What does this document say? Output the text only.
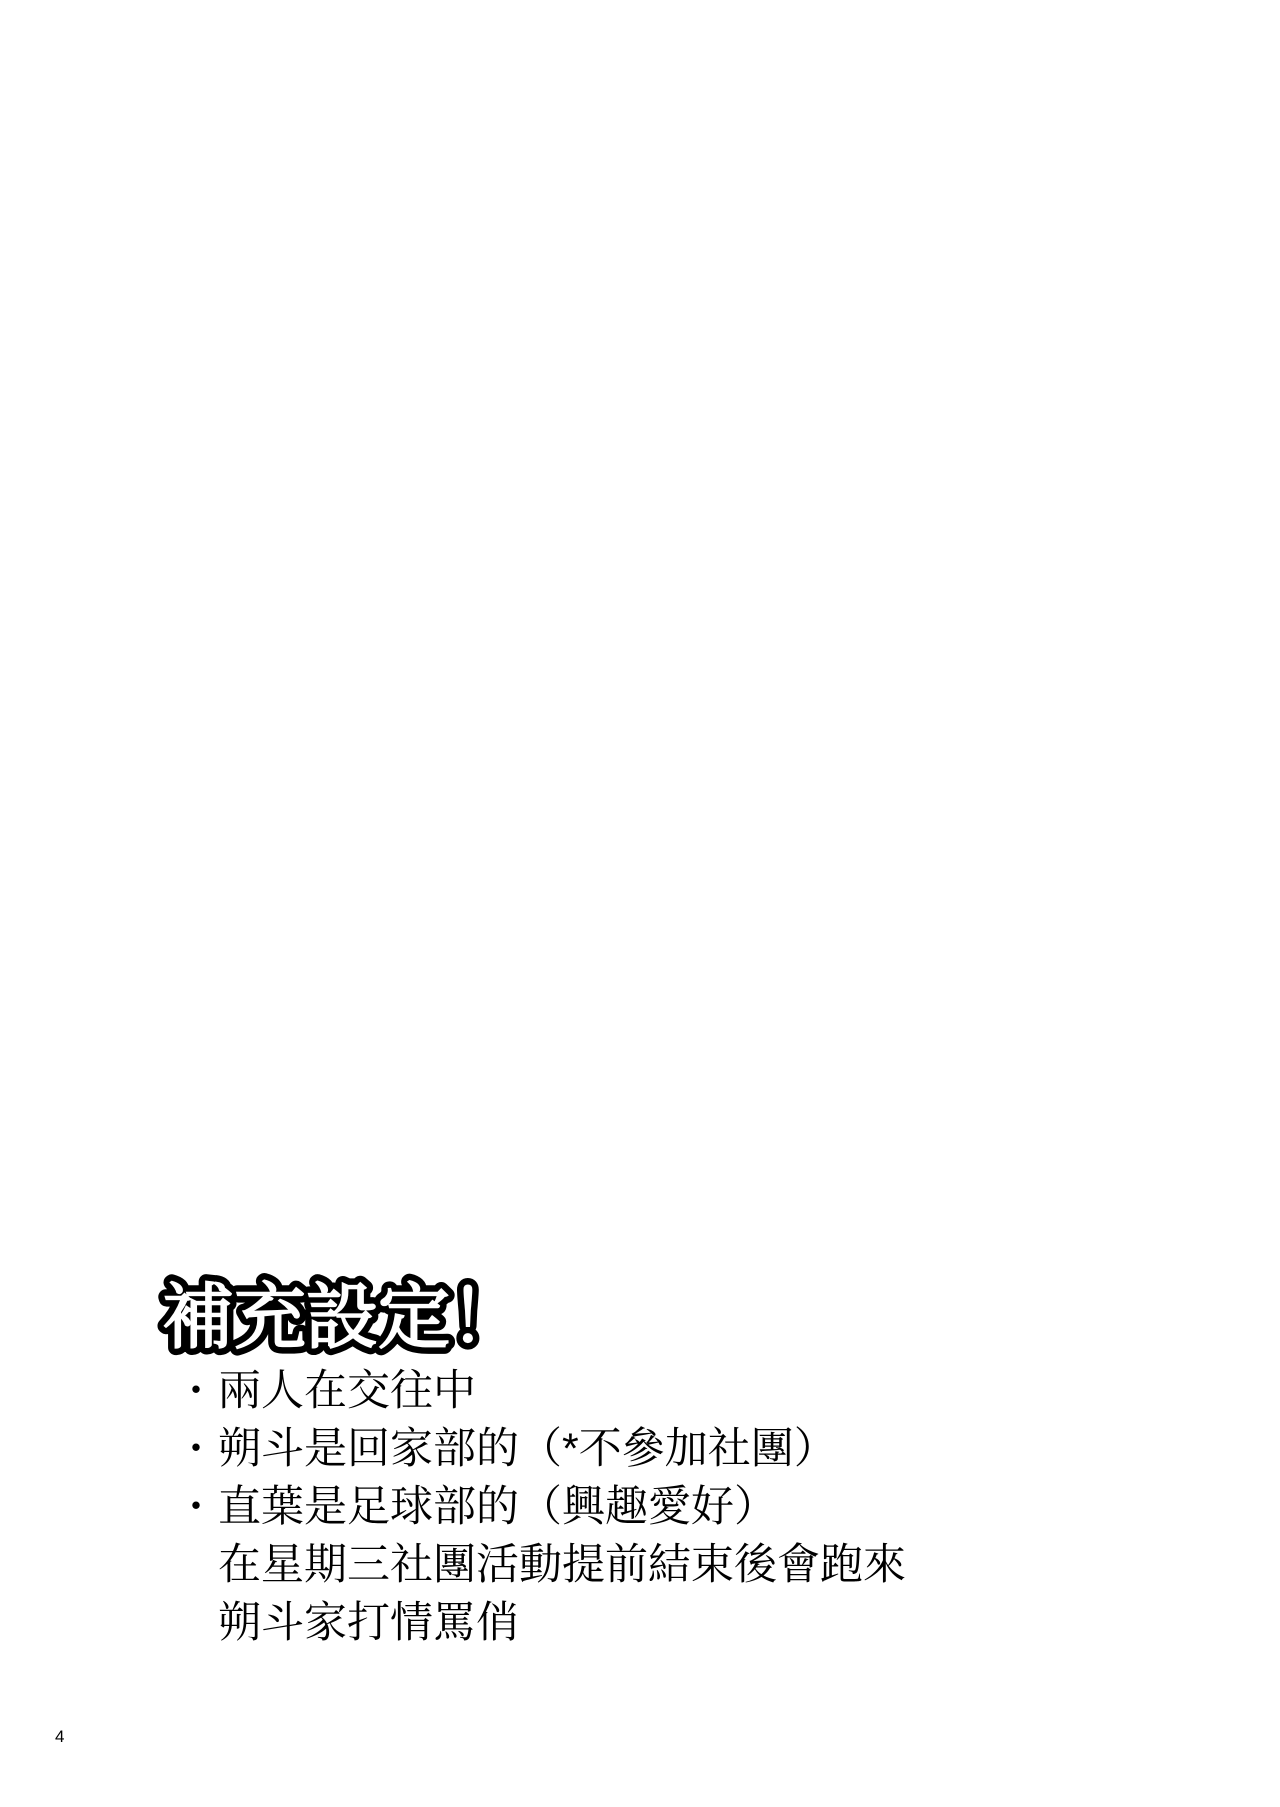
補充設定！
・ 兩人在交往中
・ 朔斗是回家部的（*不參加社團）
・ 直葉是足球部的（興趣愛好）
在星期三社團活動提前結束後會跑來
朔斗家打情罵俏
4
